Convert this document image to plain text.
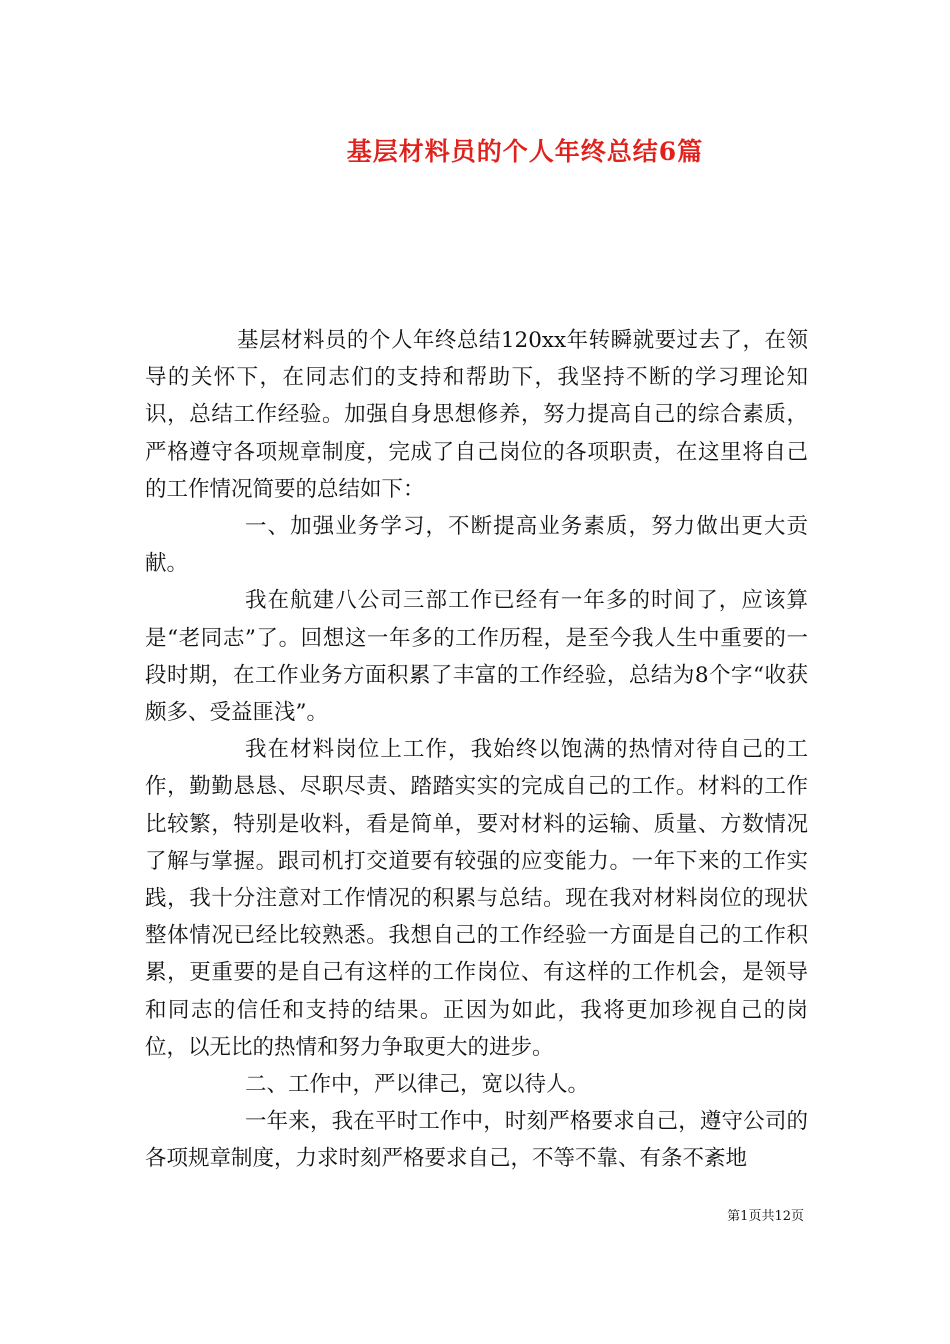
基层材料员的个人年终总结6篇

基层材料员的个人年终总结120xx年转瞬就要过去了，在领导的关怀下，在同志们的支持和帮助下，我坚持不断的学习理论知识，总结工作经验。加强自身思想修养，努力提高自己的综合素质，严格遵守各项规章制度，完成了自己岗位的各项职责，在这里将自己的工作情况简要的总结如下：

一、加强业务学习，不断提高业务素质，努力做出更大贡献。

我在航建八公司三部工作已经有一年多的时间了，应该算是“老同志”了。回想这一年多的工作历程，是至今我人生中重要的一段时期，在工作业务方面积累了丰富的工作经验，总结为8个字“收获颇多、受益匪浅”。

我在材料岗位上工作，我始终以饱满的热情对待自己的工作，勤勤恳恳、尽职尽责、踏踏实实的完成自己的工作。材料的工作比较繁，特别是收料，看是简单，要对材料的运输、质量、方数情况了解与掌握。跟司机打交道要有较强的应变能力。一年下来的工作实践，我十分注意对工作情况的积累与总结。现在我对材料岗位的现状整体情况已经比较熟悉。我想自己的工作经验一方面是自己的工作积累，更重要的是自己有这样的工作岗位、有这样的工作机会，是领导和同志的信任和支持的结果。正因为如此，我将更加珍视自己的岗位，以无比的热情和努力争取更大的进步。

二、工作中，严以律己，宽以待人。

一年来，我在平时工作中，时刻严格要求自己，遵守公司的各项规章制度，力求时刻严格要求自己，不等不靠、有条不紊地

第1页共12页
